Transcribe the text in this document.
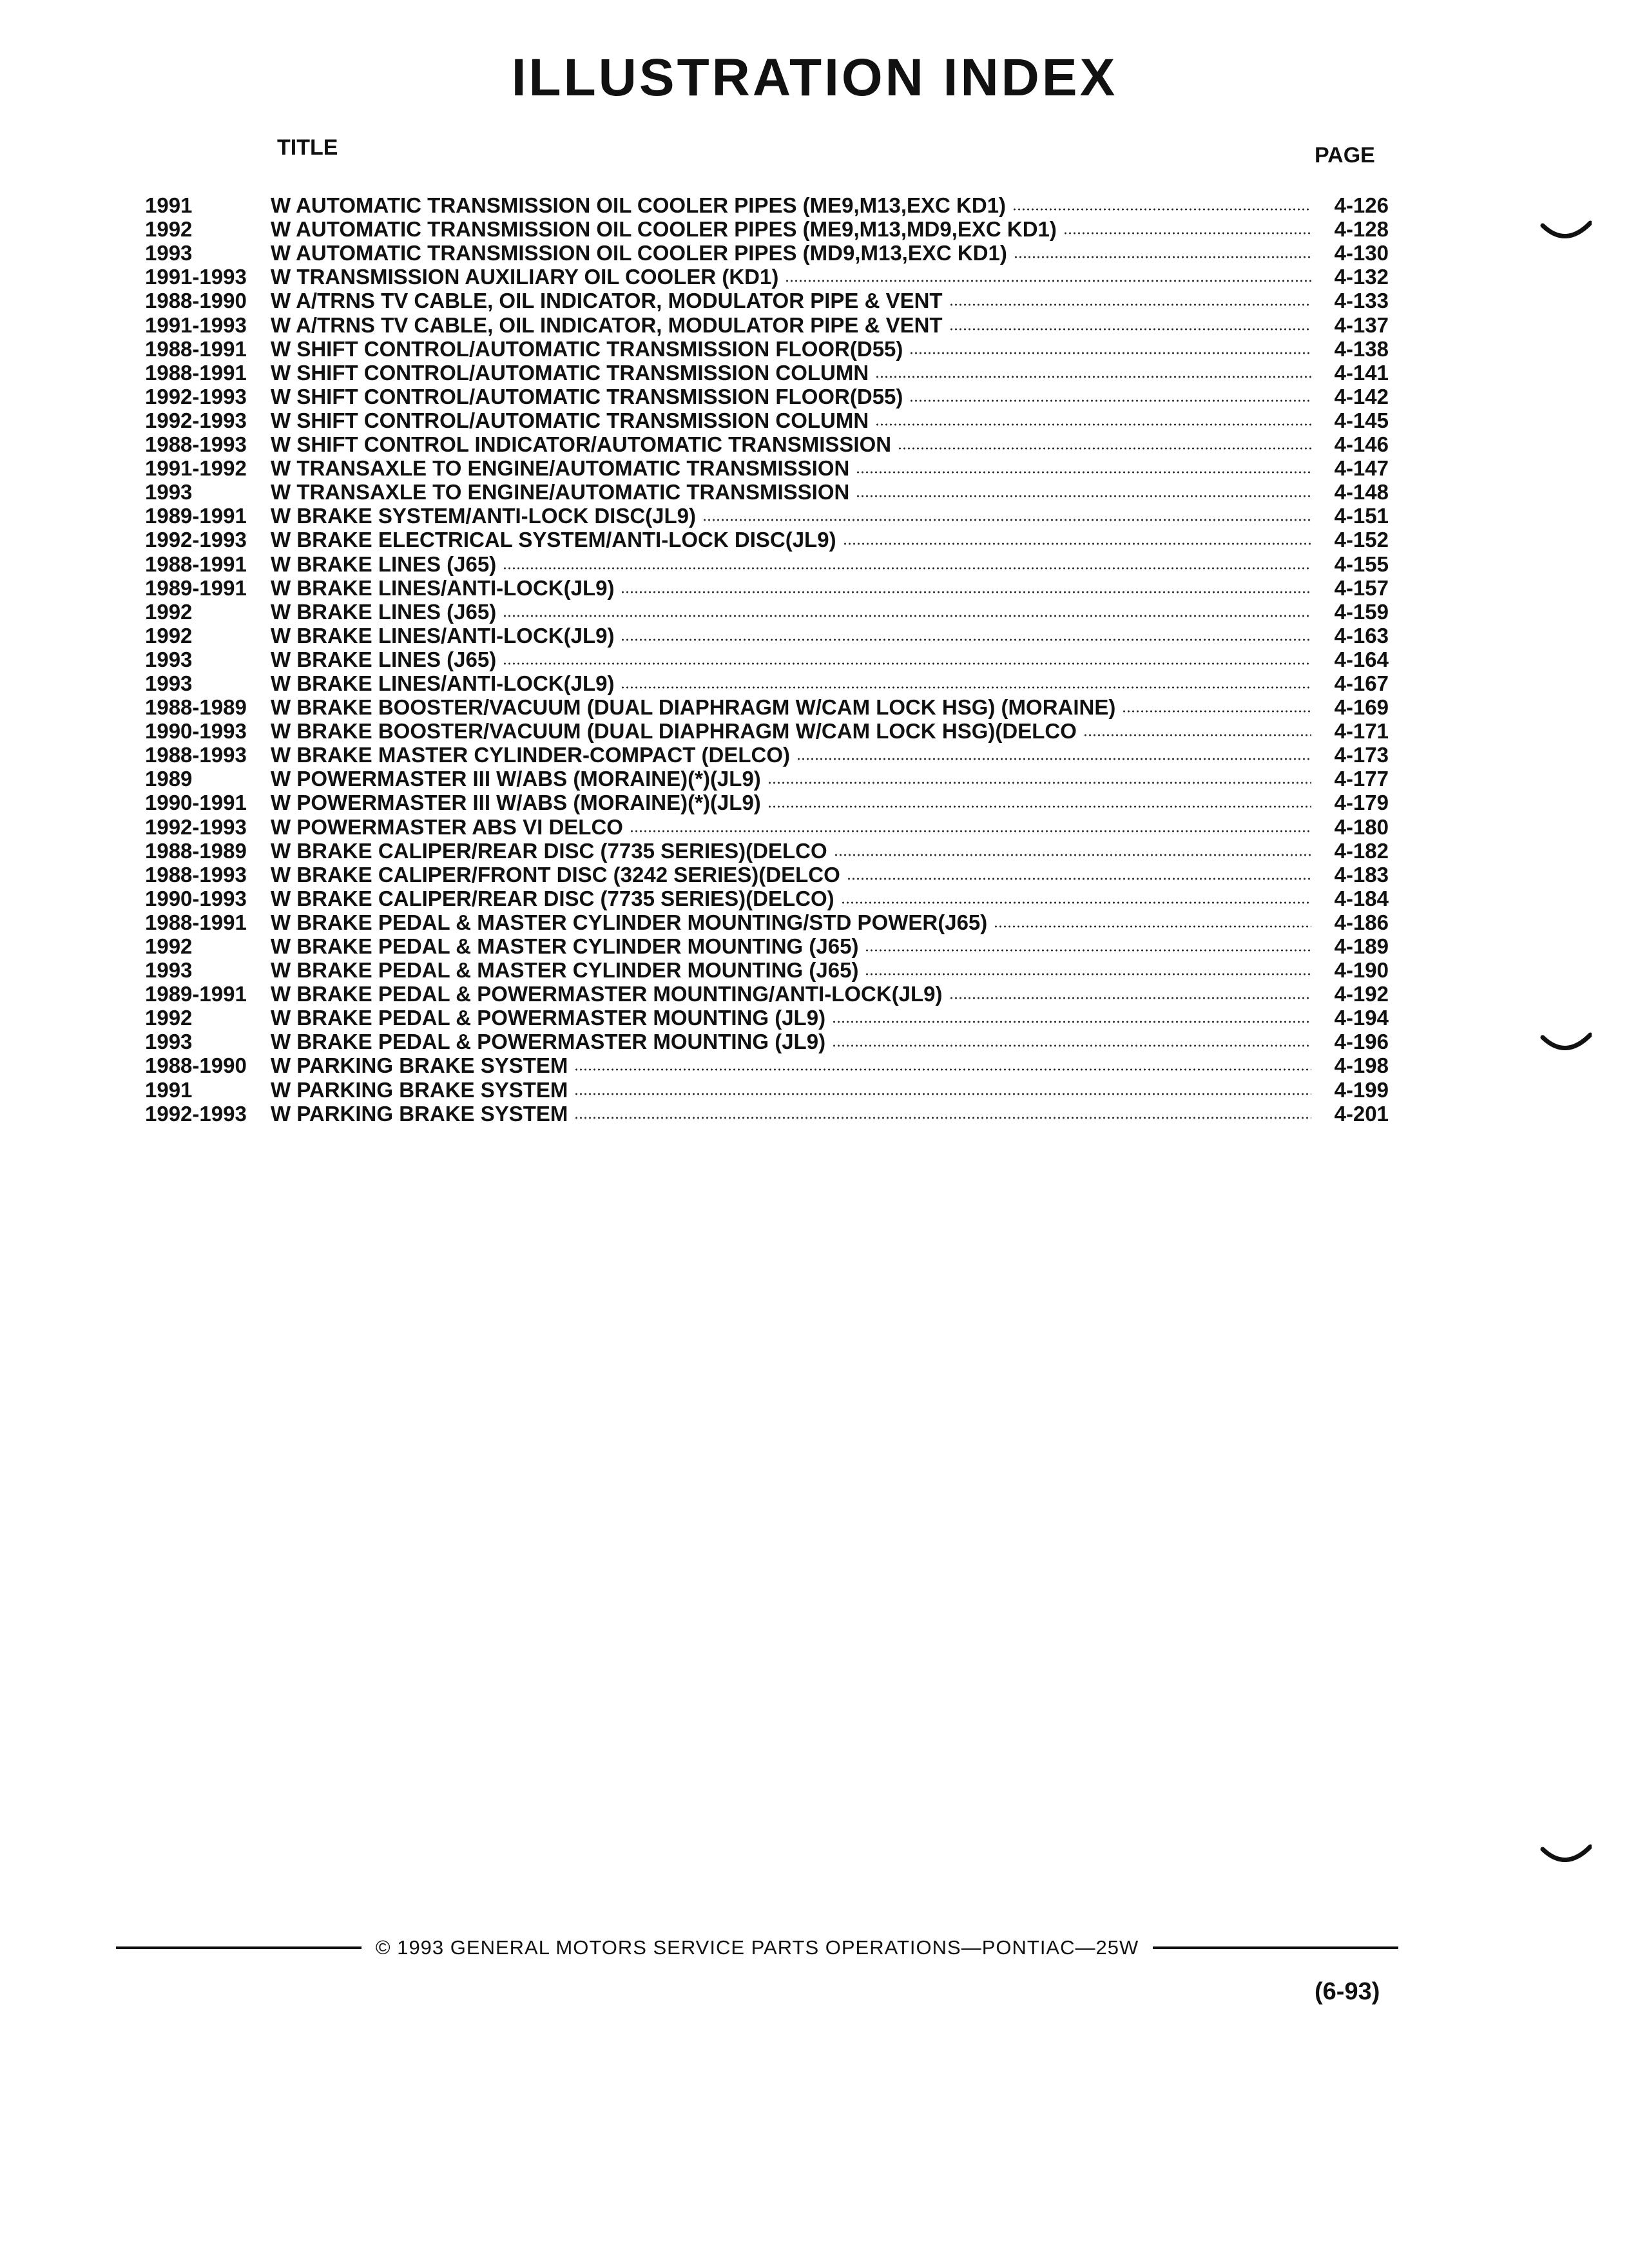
ILLUSTRATION INDEX
TITLE	PAGE
1991	W AUTOMATIC TRANSMISSION OIL COOLER PIPES (ME9,M13,EXC KD1)	4-126
1992	W AUTOMATIC TRANSMISSION OIL COOLER PIPES (ME9,M13,MD9,EXC KD1)	4-128
1993	W AUTOMATIC TRANSMISSION OIL COOLER PIPES (MD9,M13,EXC KD1)	4-130
1991-1993	W TRANSMISSION AUXILIARY OIL COOLER (KD1)	4-132
1988-1990	W A/TRNS TV CABLE, OIL INDICATOR, MODULATOR PIPE & VENT	4-133
1991-1993	W A/TRNS TV CABLE, OIL INDICATOR, MODULATOR PIPE & VENT	4-137
1988-1991	W SHIFT CONTROL/AUTOMATIC TRANSMISSION FLOOR(D55)	4-138
1988-1991	W SHIFT CONTROL/AUTOMATIC TRANSMISSION COLUMN	4-141
1992-1993	W SHIFT CONTROL/AUTOMATIC TRANSMISSION FLOOR(D55)	4-142
1992-1993	W SHIFT CONTROL/AUTOMATIC TRANSMISSION COLUMN	4-145
1988-1993	W SHIFT CONTROL INDICATOR/AUTOMATIC TRANSMISSION	4-146
1991-1992	W TRANSAXLE TO ENGINE/AUTOMATIC TRANSMISSION	4-147
1993	W TRANSAXLE TO ENGINE/AUTOMATIC TRANSMISSION	4-148
1989-1991	W BRAKE SYSTEM/ANTI-LOCK DISC(JL9)	4-151
1992-1993	W BRAKE ELECTRICAL SYSTEM/ANTI-LOCK DISC(JL9)	4-152
1988-1991	W BRAKE LINES (J65)	4-155
1989-1991	W BRAKE LINES/ANTI-LOCK(JL9)	4-157
1992	W BRAKE LINES (J65)	4-159
1992	W BRAKE LINES/ANTI-LOCK(JL9)	4-163
1993	W BRAKE LINES (J65)	4-164
1993	W BRAKE LINES/ANTI-LOCK(JL9)	4-167
1988-1989	W BRAKE BOOSTER/VACUUM (DUAL DIAPHRAGM W/CAM LOCK HSG) (MORAINE)	4-169
1990-1993	W BRAKE BOOSTER/VACUUM (DUAL DIAPHRAGM W/CAM LOCK HSG)(DELCO	4-171
1988-1993	W BRAKE MASTER CYLINDER-COMPACT (DELCO)	4-173
1989	W POWERMASTER III W/ABS (MORAINE)(*)(JL9)	4-177
1990-1991	W POWERMASTER III W/ABS (MORAINE)(*)(JL9)	4-179
1992-1993	W POWERMASTER ABS VI DELCO	4-180
1988-1989	W BRAKE CALIPER/REAR DISC (7735 SERIES)(DELCO	4-182
1988-1993	W BRAKE CALIPER/FRONT DISC (3242 SERIES)(DELCO	4-183
1990-1993	W BRAKE CALIPER/REAR DISC (7735 SERIES)(DELCO)	4-184
1988-1991	W BRAKE PEDAL & MASTER CYLINDER MOUNTING/STD POWER(J65)	4-186
1992	W BRAKE PEDAL & MASTER CYLINDER MOUNTING (J65)	4-189
1993	W BRAKE PEDAL & MASTER CYLINDER MOUNTING (J65)	4-190
1989-1991	W BRAKE PEDAL & POWERMASTER MOUNTING/ANTI-LOCK(JL9)	4-192
1992	W BRAKE PEDAL & POWERMASTER MOUNTING (JL9)	4-194
1993	W BRAKE PEDAL & POWERMASTER MOUNTING (JL9)	4-196
1988-1990	W PARKING BRAKE SYSTEM	4-198
1991	W PARKING BRAKE SYSTEM	4-199
1992-1993	W PARKING BRAKE SYSTEM	4-201
© 1993 GENERAL MOTORS SERVICE PARTS OPERATIONS—PONTIAC—25W
(6-93)
